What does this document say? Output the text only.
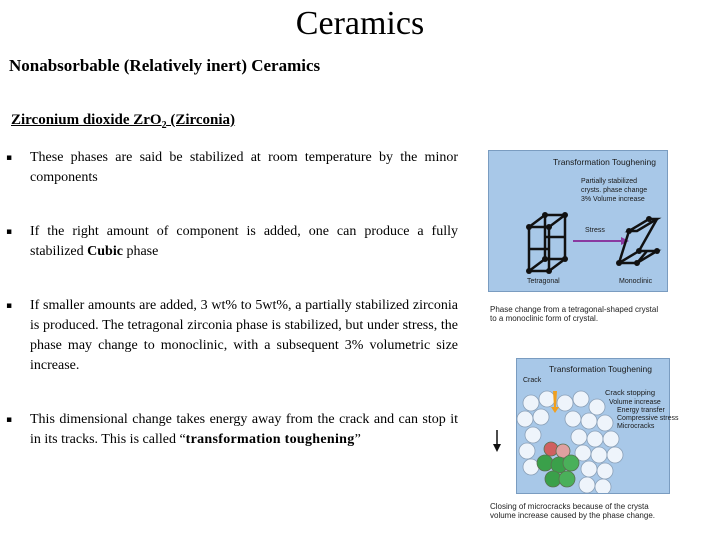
Ceramics
Nonabsorbable (Relatively inert) Ceramics
Zirconium dioxide ZrO$_2$ (Zirconia)
▪ These phases are said be stabilized at room temperature by the minor components
▪ If the right amount of component is added, one can produce a fully stabilized Cubic phase
▪ If smaller amounts are added, 3 wt% to 5wt%, a partially stabilized zirconia is produced. The tetragonal zirconia phase is stabilized, but under stress, the phase may change to monoclinic, with a subsequent 3% volumetric size increase.
▪ This dimensional change takes energy away from the crack and can stop it in its tracks. This is called “transformation toughening”
Transformation Toughening
Partially stabilized
crysts. phase change
3% Volume increase
Stress
Tetragonal	Monoclinic
Phase change from a tetragonal-shaped crystal
to a monoclinic form of crystal.
Transformation Toughening
Crack
Crack stopping
Volume increase
Energy transfer
Compressive stress
Microcracks
Closing of microcracks because of the crysta
volume increase caused by the phase change.
